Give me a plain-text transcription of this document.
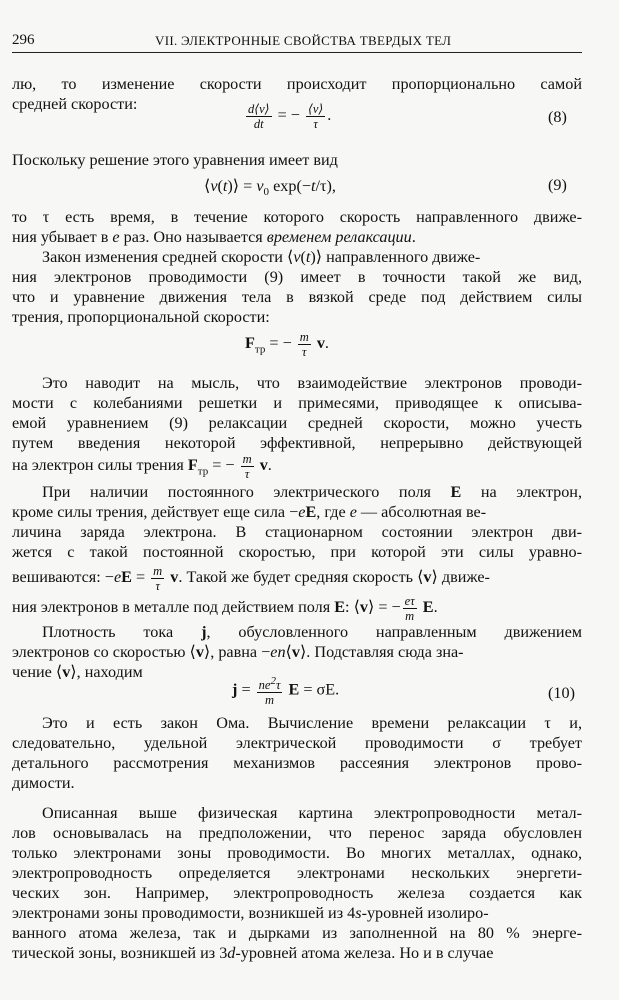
296	VII. ЭЛЕКТРОННЫЕ СВОЙСТВА ТВЕРДЫХ ТЕЛ
лю, то изменение скорости происходит пропорционально самой
средней скорости:	$\frac{d⟨v⟩}{dt}$ = − $\frac{⟨v⟩}{\tau}$ .	(8)
Поскольку решение этого уравнения имеет вид
⟨v(t)⟩ = $v_0$ exp(−t/τ),	(9)
то τ есть время, в течение которого скорость направленного движе-
ния убывает в e раз. Оно называется временем релаксации.
Закон изменения средней скорости ⟨v(t)⟩ направленного движе-
ния электронов проводимости (9) имеет в точности такой же вид,
что и уравнение движения тела в вязкой среде под действием силы
трения, пропорциональной скорости:
$F_{тр}$ = − $\frac{m}{\tau} v$.
Это наводит на мысль, что взаимодействие электронов проводи-
мости с колебаниями решетки и примесями, приводящее к описыва-
емой уравнением (9) релаксации средней скорости, можно учесть
путем введения некоторой эффективной, непрерывно действующей
на электрон силы трения $F_{тр}$ = − $\frac{m}{\tau} v$.
При наличии постоянного электрического поля E на электрон,
кроме силы трения, действует еще сила −eE, где e — абсолютная ве-
личина заряда электрона. В стационарном состоянии электрон дви-
жется с такой постоянной скоростью, при которой эти силы уравно-
вешиваются: $-eE = \frac{m}{\tau} v$. Такой же будет средняя скорость ⟨v⟩ движе-
ния электронов в металле под действием поля E: ⟨v⟩ = − $\frac{e\tau}{m} E$.
Плотность тока j, обусловленного направленным движением
электронов со скоростью ⟨v⟩, равна −en⟨v⟩. Подставляя сюда зна-
чение ⟨v⟩, находим
$j = \frac{ne^2\tau}{m}$ E = σE.	(10)
Это и есть закон Ома. Вычисление времени релаксации τ и,
следовательно, удельной электрической проводимости σ требует
детального рассмотрения механизмов рассеяния электронов прово-
димости.
Описанная выше физическая картина электропроводности метал-
лов основывалась на предположении, что перенос заряда обусловлен
только электронами зоны проводимости. Во многих металлах, однако,
электропроводность определяется электронами нескольких энергети-
ческих зон. Например, электропроводность железа создается как
электронами зоны проводимости, возникшей из 4s-уровней изолиро-
ванного атома железа, так и дырками из заполненной на 80 % энерге-
тической зоны, возникшей из 3d-уровней атома железа. Но и в случае
